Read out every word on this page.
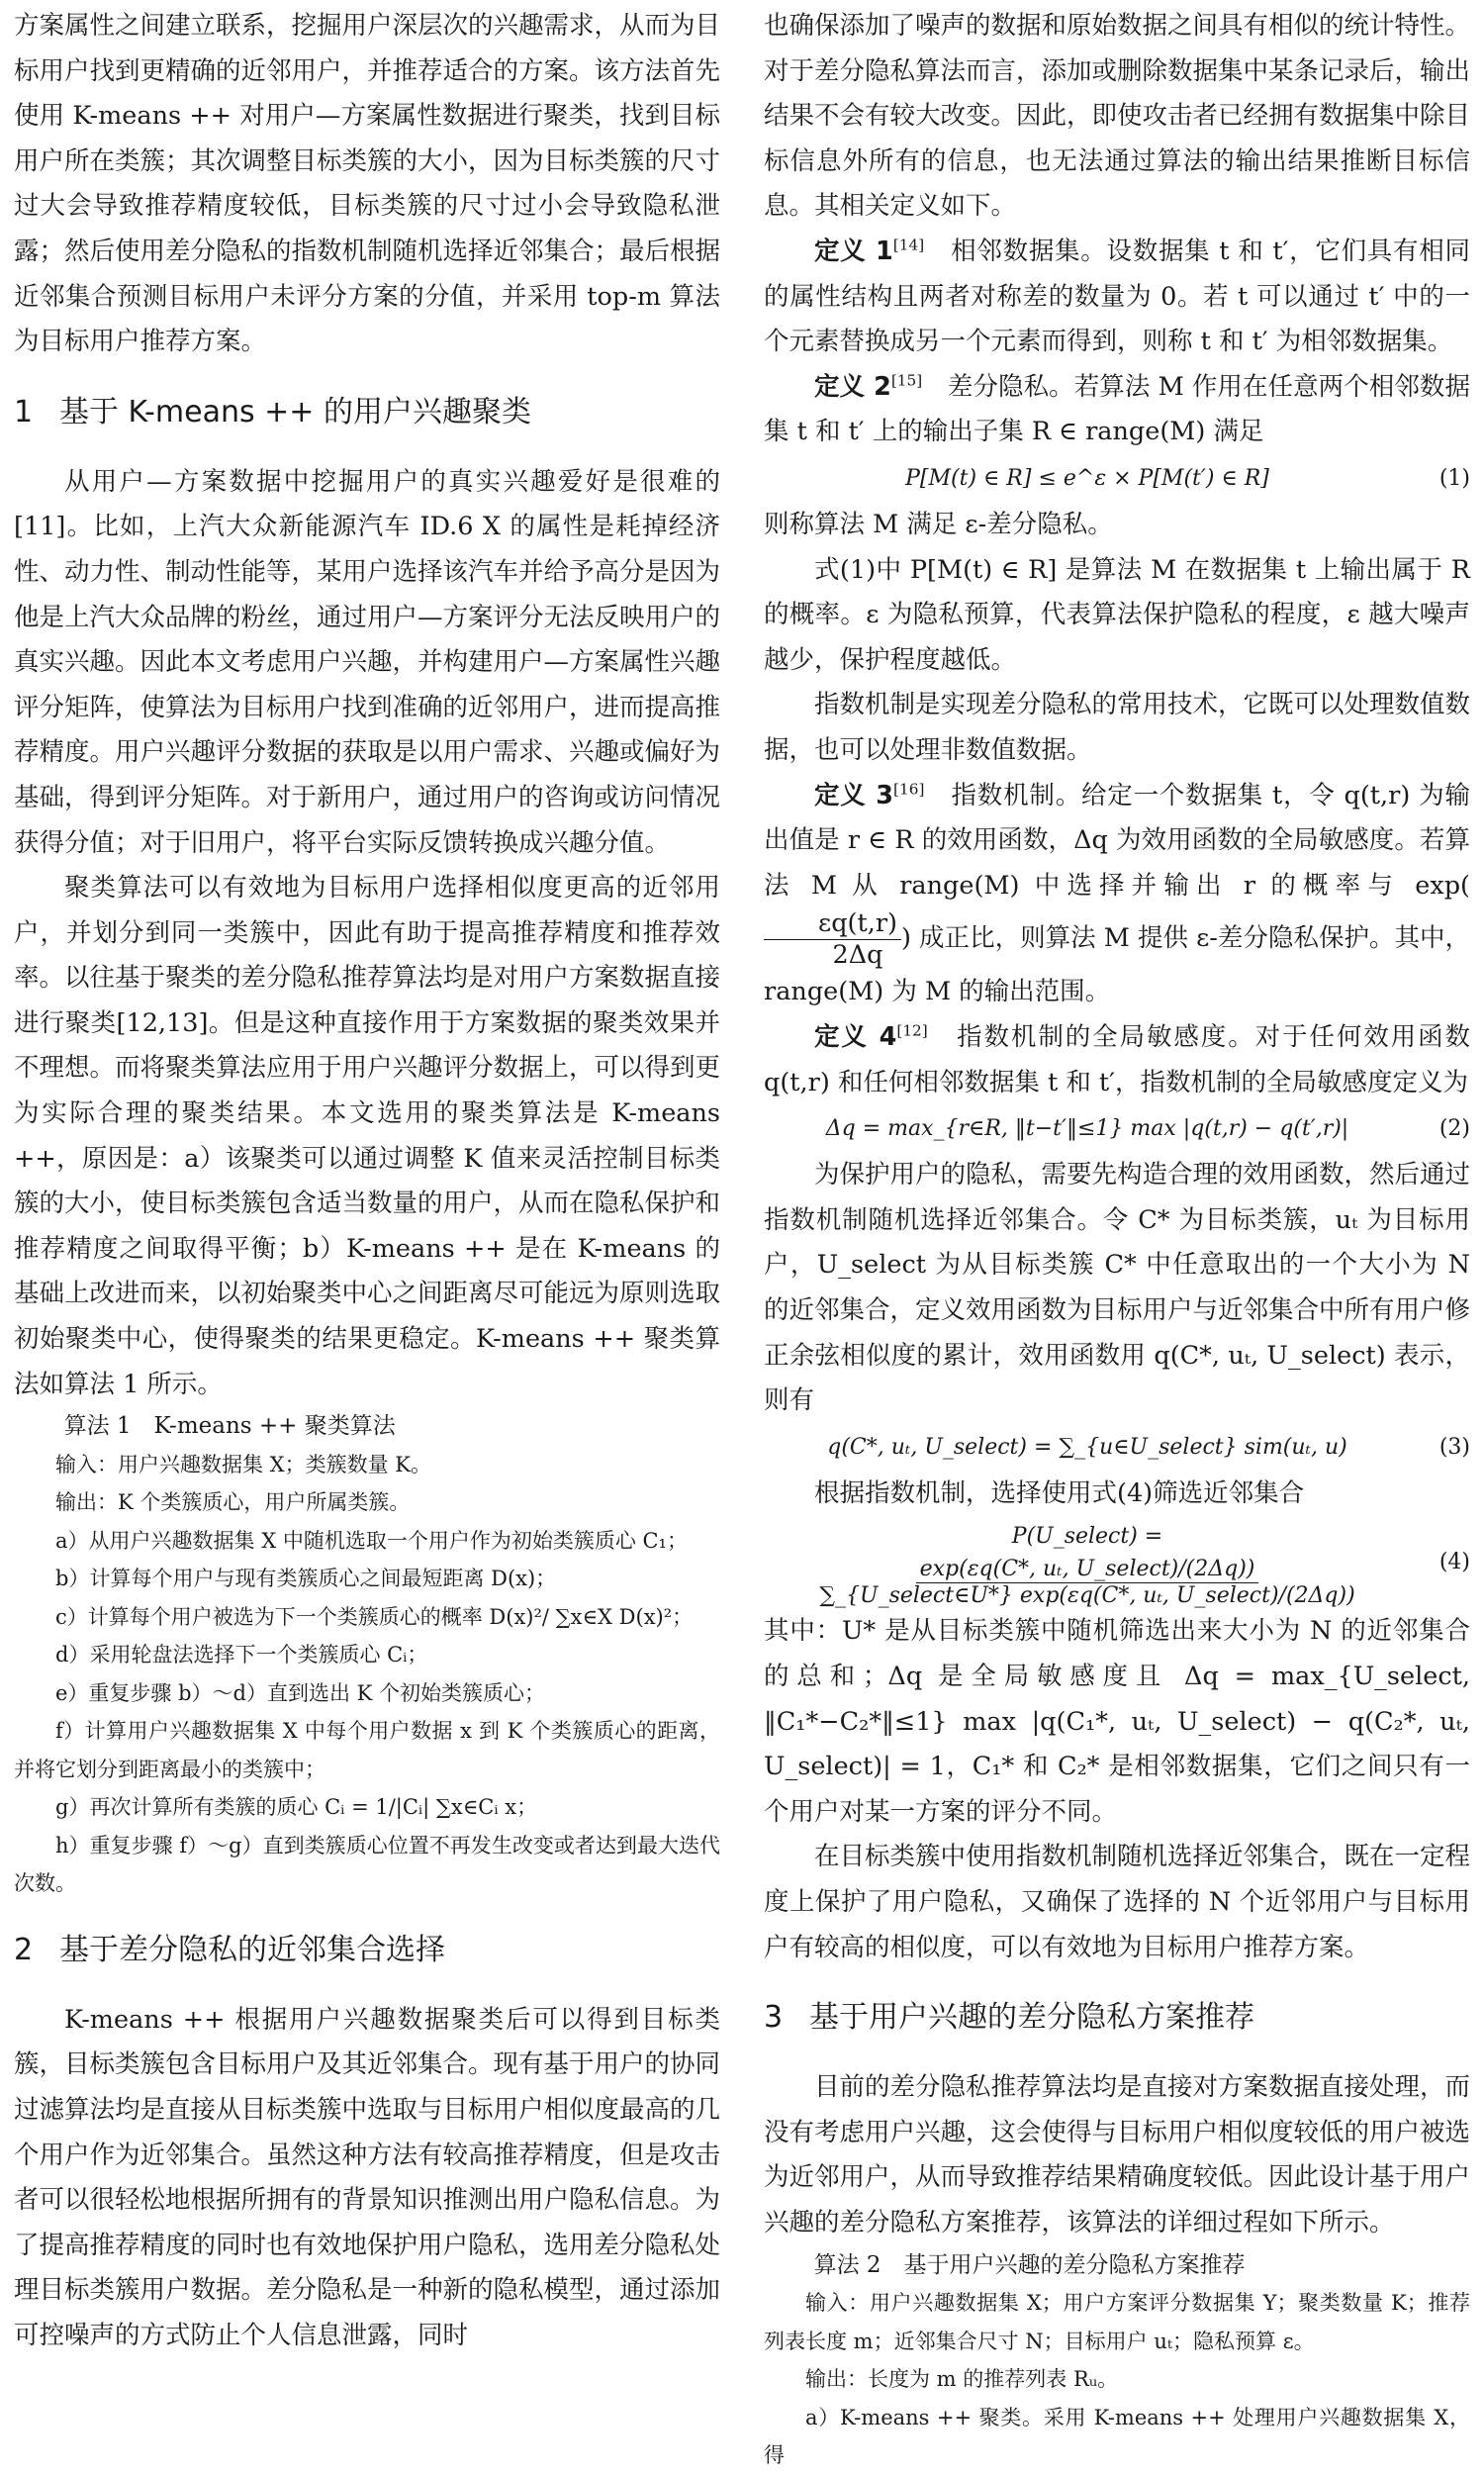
方案属性之间建立联系，挖掘用户深层次的兴趣需求，从而为目标用户找到更精确的近邻用户，并推荐适合的方案。该方法首先使用 K-means ++ 对用户—方案属性数据进行聚类，找到目标用户所在类簇；其次调整目标类簇的大小，因为目标类簇的尺寸过大会导致推荐精度较低，目标类簇的尺寸过小会导致隐私泄露；然后使用差分隐私的指数机制随机选择近邻集合；最后根据近邻集合预测目标用户未评分方案的分值，并采用 top-m 算法为目标用户推荐方案。

1 基于 K-means ++ 的用户兴趣聚类

从用户—方案数据中挖掘用户的真实兴趣爱好是很难的[11]。比如，上汽大众新能源汽车 ID.6 X 的属性是耗掉经济性、动力性、制动性能等，某用户选择该汽车并给予高分是因为他是上汽大众品牌的粉丝，通过用户—方案评分无法反映用户的真实兴趣。因此本文考虑用户兴趣，并构建用户—方案属性兴趣评分矩阵，使算法为目标用户找到准确的近邻用户，进而提高推荐精度。用户兴趣评分数据的获取是以用户需求、兴趣或偏好为基础，得到评分矩阵。对于新用户，通过用户的咨询或访问情况获得分值；对于旧用户，将平台实际反馈转换成兴趣分值。

聚类算法可以有效地为目标用户选择相似度更高的近邻用户，并划分到同一类簇中，因此有助于提高推荐精度和推荐效率。以往基于聚类的差分隐私推荐算法均是对用户方案数据直接进行聚类[12,13]。但是这种直接作用于方案数据的聚类效果并不理想。而将聚类算法应用于用户兴趣评分数据上，可以得到更为实际合理的聚类结果。本文选用的聚类算法是 K-means ++，原因是：a）该聚类可以通过调整 K 值来灵活控制目标类簇的大小，使目标类簇包含适当数量的用户，从而在隐私保护和推荐精度之间取得平衡；b）K-means ++ 是在 K-means 的基础上改进而来，以初始聚类中心之间距离尽可能远为原则选取初始聚类中心，使得聚类的结果更稳定。K-means ++ 聚类算法如算法 1 所示。

算法 1　K-means ++ 聚类算法
输入：用户兴趣数据集 X；类簇数量 K。
输出：K 个类簇质心，用户所属类簇。
a）从用户兴趣数据集 X 中随机选取一个用户作为初始类簇质心 C₁；
b）计算每个用户与现有类簇质心之间最短距离 D(x)；
c）计算每个用户被选为下一个类簇质心的概率 D(x)²/ ∑x∈X D(x)²；
d）采用轮盘法选择下一个类簇质心 Cᵢ；
e）重复步骤 b）～d）直到选出 K 个初始类簇质心；
f）计算用户兴趣数据集 X 中每个用户数据 x 到 K 个类簇质心的距离，并将它划分到距离最小的类簇中；
g）再次计算所有类簇的质心 Cᵢ = 1/|Cᵢ| ∑x∈Cᵢ x；
h）重复步骤 f）～g）直到类簇质心位置不再发生改变或者达到最大迭代次数。
2 基于差分隐私的近邻集合选择

K-means ++ 根据用户兴趣数据聚类后可以得到目标类簇，目标类簇包含目标用户及其近邻集合。现有基于用户的协同过滤算法均是直接从目标类簇中选取与目标用户相似度最高的几个用户作为近邻集合。虽然这种方法有较高推荐精度，但是攻击者可以很轻松地根据所拥有的背景知识推测出用户隐私信息。为了提高推荐精度的同时也有效地保护用户隐私，选用差分隐私处理目标类簇用户数据。差分隐私是一种新的隐私模型，通过添加可控噪声的方式防止个人信息泄露，同时

也确保添加了噪声的数据和原始数据之间具有相似的统计特性。对于差分隐私算法而言，添加或删除数据集中某条记录后，输出结果不会有较大改变。因此，即使攻击者已经拥有数据集中除目标信息外所有的信息，也无法通过算法的输出结果推断目标信息。其相关定义如下。

定义 1[14]　 相邻数据集。设数据集 t 和 t′，它们具有相同的属性结构且两者对称差的数量为 0。若 t 可以通过 t′ 中的一个元素替换成另一个元素而得到，则称 t 和 t′ 为相邻数据集。

定义 2[15]　 差分隐私。若算法 M 作用在任意两个相邻数据集 t 和 t′ 上的输出子集 R ∈ range(M) 满足

P[M(t) ∈ R] ≤ e^ε × P[M(t′) ∈ R]	(1)

则称算法 M 满足 ε-差分隐私。

式(1)中 P[M(t) ∈ R] 是算法 M 在数据集 t 上输出属于 R 的概率。ε 为隐私预算，代表算法保护隐私的程度，ε 越大噪声越少，保护程度越低。

指数机制是实现差分隐私的常用技术，它既可以处理数值数据，也可以处理非数值数据。

定义 3[16]　 指数机制。给定一个数据集 t，令 q(t,r) 为输出值是 r ∈ R 的效用函数，Δq 为效用函数的全局敏感度。若算法 M 从 range(M) 中选择并输出 r 的概率与 exp(
$\frac{\varepsilon q(t,r)}{2\Delta q}$ ) 成正比，则算法 M 提供 ε-差分隐私保护。其中，range(M) 为 M 的输出范围。

定义 4[12]　 指数机制的全局敏感度。对于任何效用函数 q(t,r) 和任何相邻数据集 t 和 t′，指数机制的全局敏感度定义为

Δq = max_{r∈R, ‖t−t′‖≤1} max |q(t,r) − q(t′,r)|	(2)

为保护用户的隐私，需要先构造合理的效用函数，然后通过指数机制随机选择近邻集合。令 C* 为目标类簇，uₜ 为目标用户，U_select 为从目标类簇 C* 中任意取出的一个大小为 N 的近邻集合，定义效用函数为目标用户与近邻集合中所有用户修正余弦相似度的累计，效用函数用 q(C*, uₜ, U_select) 表示，则有

q(C*, uₜ, U_select) = ∑_{u∈U_select} sim(uₜ, u)	(3)

根据指数机制，选择使用式(4)筛选近邻集合

P(U_select) =
$\frac{\text{exp(εq(C*, uₜ, U\_select)/(2Δq))}}{\text{∑\_\{U\_select∈U*\} exp(εq(C*, uₜ, U\_select)/(2Δq))}}$	(4)

其中：U* 是从目标类簇中随机筛选出来大小为 N 的近邻集合的总和；Δq 是全局敏感度且 Δq = max_{U_select, ‖C₁*−C₂*‖≤1} max |q(C₁*, uₜ, U_select) − q(C₂*, uₜ, U_select)| = 1，C₁* 和 C₂* 是相邻数据集，它们之间只有一个用户对某一方案的评分不同。

在目标类簇中使用指数机制随机选择近邻集合，既在一定程度上保护了用户隐私，又确保了选择的 N 个近邻用户与目标用户有较高的相似度，可以有效地为目标用户推荐方案。

3 基于用户兴趣的差分隐私方案推荐

目前的差分隐私推荐算法均是直接对方案数据直接处理，而没有考虑用户兴趣，这会使得与目标用户相似度较低的用户被选为近邻用户，从而导致推荐结果精确度较低。因此设计基于用户兴趣的差分隐私方案推荐，该算法的详细过程如下所示。

算法 2　基于用户兴趣的差分隐私方案推荐
输入：用户兴趣数据集 X；用户方案评分数据集 Y；聚类数量 K；推荐列表长度 m；近邻集合尺寸 N；目标用户 uₜ；隐私预算 ε。
输出：长度为 m 的推荐列表 Rᵤ。
a）K-means ++ 聚类。采用 K-means ++ 处理用户兴趣数据集 X，得
